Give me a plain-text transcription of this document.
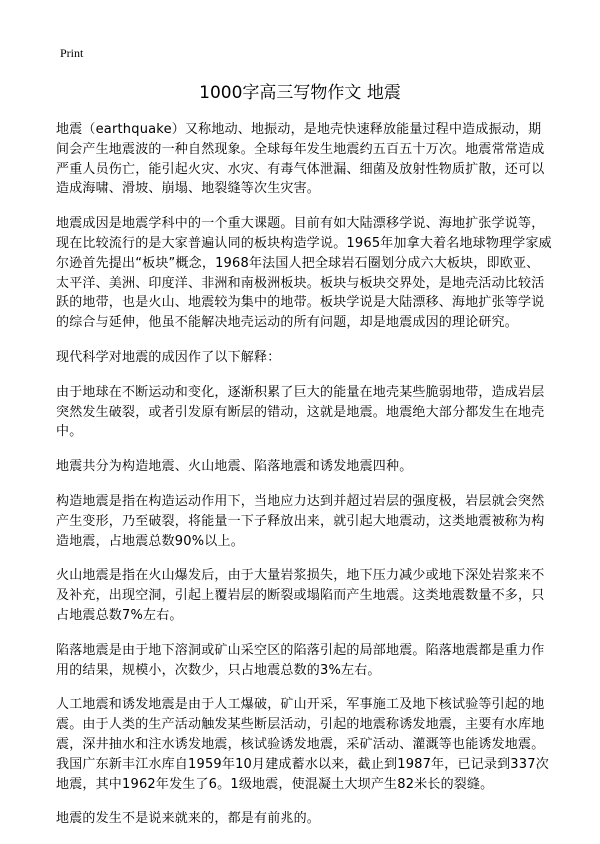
Print
1000字高三写物作文 地震

地震（earthquake）又称地动、地振动，是地壳快速释放能量过程中造成振动，期间会产生地震波的一种自然现象。全球每年发生地震约五百五十万次。地震常常造成严重人员伤亡，能引起火灾、水灾、有毒气体泄漏、细菌及放射性物质扩散，还可以造成海啸、滑坡、崩塌、地裂缝等次生灾害。

地震成因是地震学科中的一个重大课题。目前有如大陆漂移学说、海地扩张学说等，现在比较流行的是大家普遍认同的板块构造学说。1965年加拿大着名地球物理学家威尔逊首先提出“板块”概念，1968年法国人把全球岩石圈划分成六大板块，即欧亚、太平洋、美洲、印度洋、非洲和南极洲板块。板块与板块交界处，是地壳活动比较活跃的地带，也是火山、地震较为集中的地带。板块学说是大陆漂移、海地扩张等学说的综合与延伸，他虽不能解决地壳运动的所有问题，却是地震成因的理论研究。

现代科学对地震的成因作了以下解释：

由于地球在不断运动和变化，逐渐积累了巨大的能量在地壳某些脆弱地带，造成岩层突然发生破裂，或者引发原有断层的错动，这就是地震。地震绝大部分都发生在地壳中。

地震共分为构造地震、火山地震、陷落地震和诱发地震四种。

构造地震是指在构造运动作用下，当地应力达到并超过岩层的强度极，岩层就会突然产生变形，乃至破裂，将能量一下子释放出来，就引起大地震动，这类地震被称为构造地震，占地震总数90%以上。

火山地震是指在火山爆发后，由于大量岩浆损失，地下压力减少或地下深处岩浆来不及补充，出现空洞，引起上覆岩层的断裂或塌陷而产生地震。这类地震数量不多，只占地震总数7%左右。

陷落地震是由于地下溶洞或矿山采空区的陷落引起的局部地震。陷落地震都是重力作用的结果，规模小，次数少，只占地震总数的3%左右。

人工地震和诱发地震是由于人工爆破，矿山开采，军事施工及地下核试验等引起的地震。由于人类的生产活动触发某些断层活动，引起的地震称诱发地震，主要有水库地震，深井抽水和注水诱发地震，核试验诱发地震，采矿活动、灌溉等也能诱发地震。我国广东新丰江水库自1959年10月建成蓄水以来，截止到1987年，已记录到337次地震，其中1962年发生了6。1级地震，使混凝土大坝产生82米长的裂缝。

地震的发生不是说来就来的，都是有前兆的。
